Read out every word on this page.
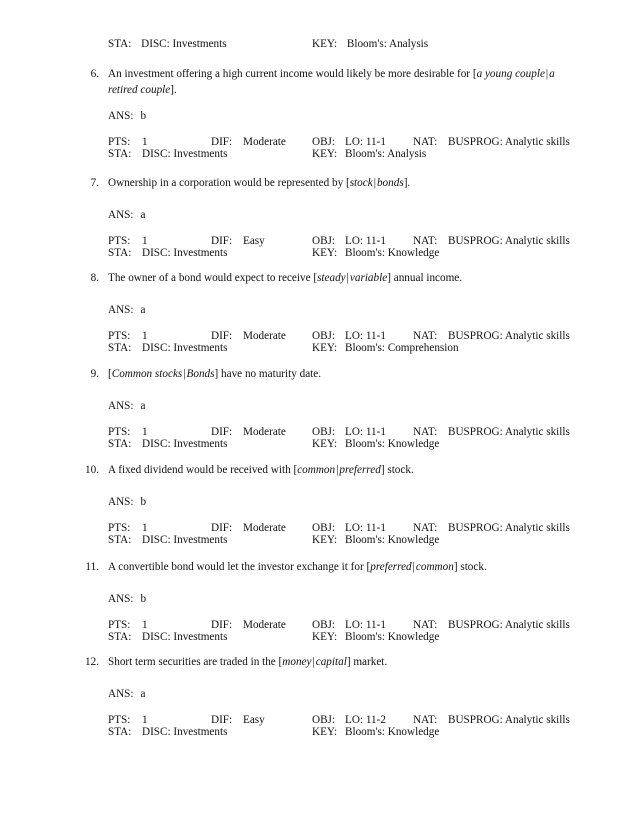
STA: DISC: Investments	KEY: Bloom's: Analysis
6. An investment offering a high current income would likely be more desirable for [a young couple|a
retired couple].
ANS: b
PTS: 1	DIF: Moderate OBJ: LO: 11-1 NAT: BUSPROG: Analytic skills
STA: DISC: Investments	KEY: Bloom's: Analysis
7. Ownership in a corporation would be represented by [stock|bonds].
ANS: a
PTS: 1	DIF: Easy	OBJ: LO: 11-1 NAT: BUSPROG: Analytic skills
STA: DISC: Investments	KEY: Bloom's: Knowledge
8. The owner of a bond would expect to receive [steady|variable] annual income.
ANS: a
PTS: 1	DIF: Moderate OBJ: LO: 11-1 NAT: BUSPROG: Analytic skills
STA: DISC: Investments	KEY: Bloom's: Comprehension
9. [Common stocks|Bonds] have no maturity date.
ANS: a
PTS: 1	DIF: Moderate OBJ: LO: 11-1 NAT: BUSPROG: Analytic skills
STA: DISC: Investments	KEY: Bloom's: Knowledge
10. A fixed dividend would be received with [common|preferred] stock.
ANS: b
PTS: 1	DIF: Moderate OBJ: LO: 11-1 NAT: BUSPROG: Analytic skills
STA: DISC: Investments	KEY: Bloom's: Knowledge
11. A convertible bond would let the investor exchange it for [preferred|common] stock.
ANS: b
PTS: 1	DIF: Moderate OBJ: LO: 11-1 NAT: BUSPROG: Analytic skills
STA: DISC: Investments	KEY: Bloom's: Knowledge
12. Short term securities are traded in the [money|capital] market.
ANS: a
PTS: 1	DIF: Easy	OBJ: LO: 11-2 NAT: BUSPROG: Analytic skills
STA: DISC: Investments	KEY: Bloom's: Knowledge
